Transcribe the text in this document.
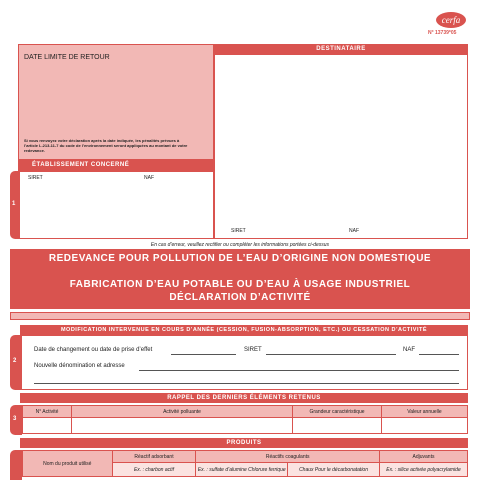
cerfa
N° 13739*05
DATE LIMITE DE RETOUR
Si vous renvoyez votre déclaration après la date indiquée, les pénalités prévues à l’article L.213-11-7 du code de l’environnement seront appliquées au montant de votre redevance.
ÉTABLISSEMENT CONCERNÉ
SIRET	NAF
1
DESTINATAIRE
SIRET	NAF
En cas d’erreur, veuillez rectifier ou compléter les informations portées ci-dessus
REDEVANCE POUR POLLUTION DE L’EAU D’ORIGINE NON DOMESTIQUE
FABRICATION D’EAU POTABLE OU D’EAU À USAGE INDUSTRIEL
DÉCLARATION D’ACTIVITÉ
MODIFICATION INTERVENUE EN COURS D’ANNÉE (CESSION, FUSION-ABSORPTION, ETC.) OU CESSATION D’ACTIVITÉ
Date de changement ou date de prise d’effet	SIRET	NAF
Nouvelle dénomination et adresse
2
RAPPEL DES DERNIERS ÉLÉMENTS RETENUS
3
N° Activité	Activité polluante	Grandeur caractéristique	Valeur annuelle

PRODUITS
Nom du produit utilisé	Réactif adsorbant	Réactifs coagulants		Adjuvants
	Ex. : charbon actif	Ex. : sulfate d’alumine Chlorure ferrique	Chaux Pour le décarbonatation	Ex. : silice activée polyacrylamide
